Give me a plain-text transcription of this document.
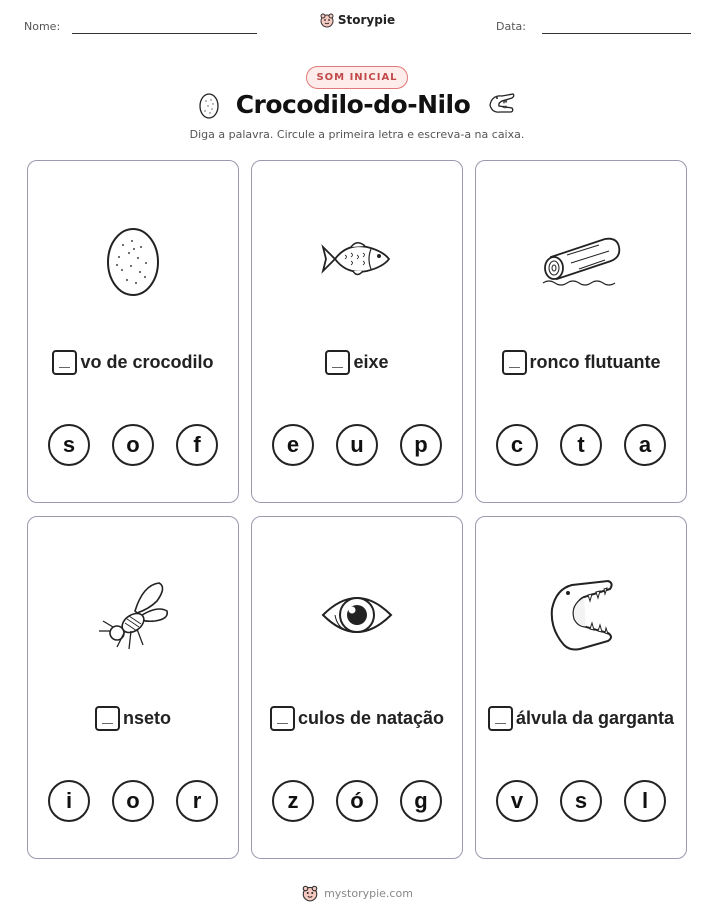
Nome:	Storypie	Data:
SOM INICIAL
Crocodilo-do-Nilo
Diga a palavra. Circule a primeira letra e escreva-a na caixa.
vo de crocodilo
s	o	f
eixe
e	u	p
ronco flutuante
c	t	a
nseto
i	o	r
culos de natação
z	ó	g
álvula da garganta
v	s	l
mystorypie.com
